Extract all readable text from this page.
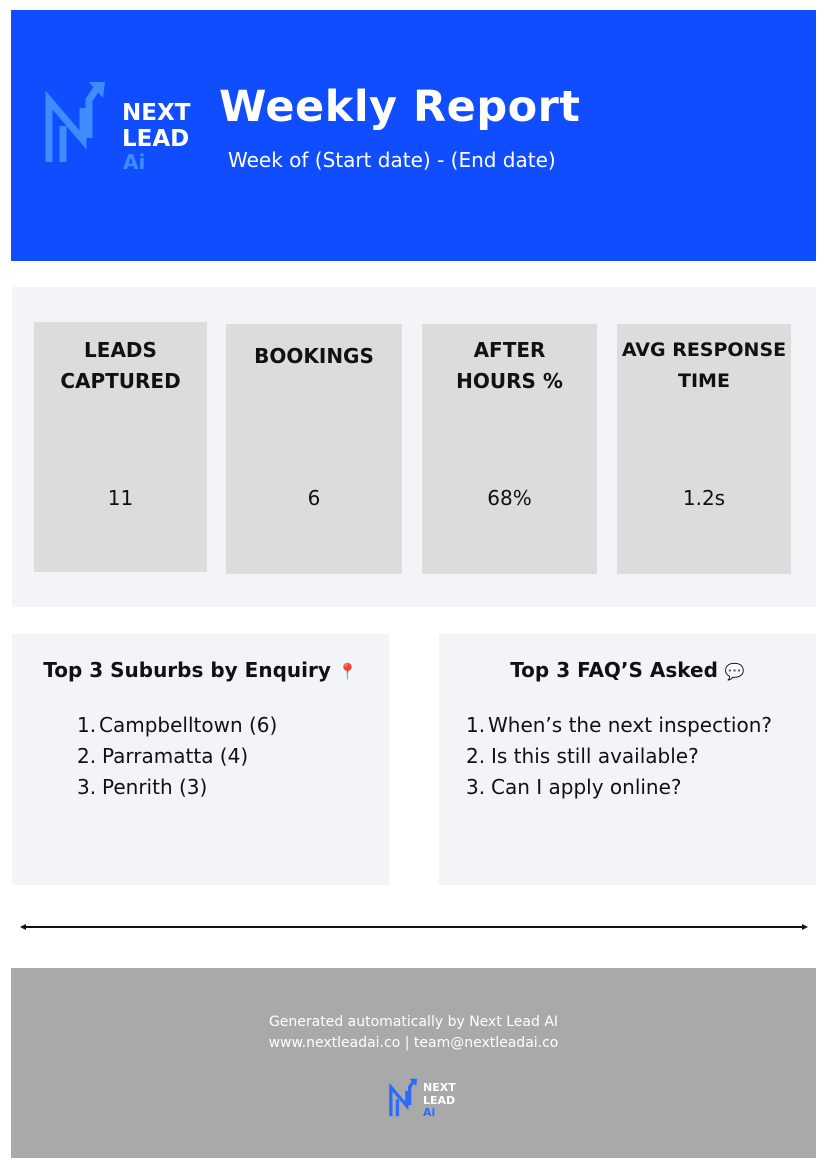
NEXT
LEAD
Ai
Weekly Report
Week of (Start date) - (End date)
LEADS
CAPTURED
11
BOOKINGS
6
AFTER
HOURS %
68%
AVG RESPONSE
TIME
1.2s
Top 3 Suburbs by Enquiry 📍
1. Campbelltown (6)
2. Parramatta (4)
3. Penrith (3)
Top 3 FAQ’S Asked 💬
1. When’s the next inspection?
2. Is this still available?
3. Can I apply online?
Generated automatically by Next Lead AI
www.nextleadai.co | team@nextleadai.co
NEXT
LEAD
Ai
